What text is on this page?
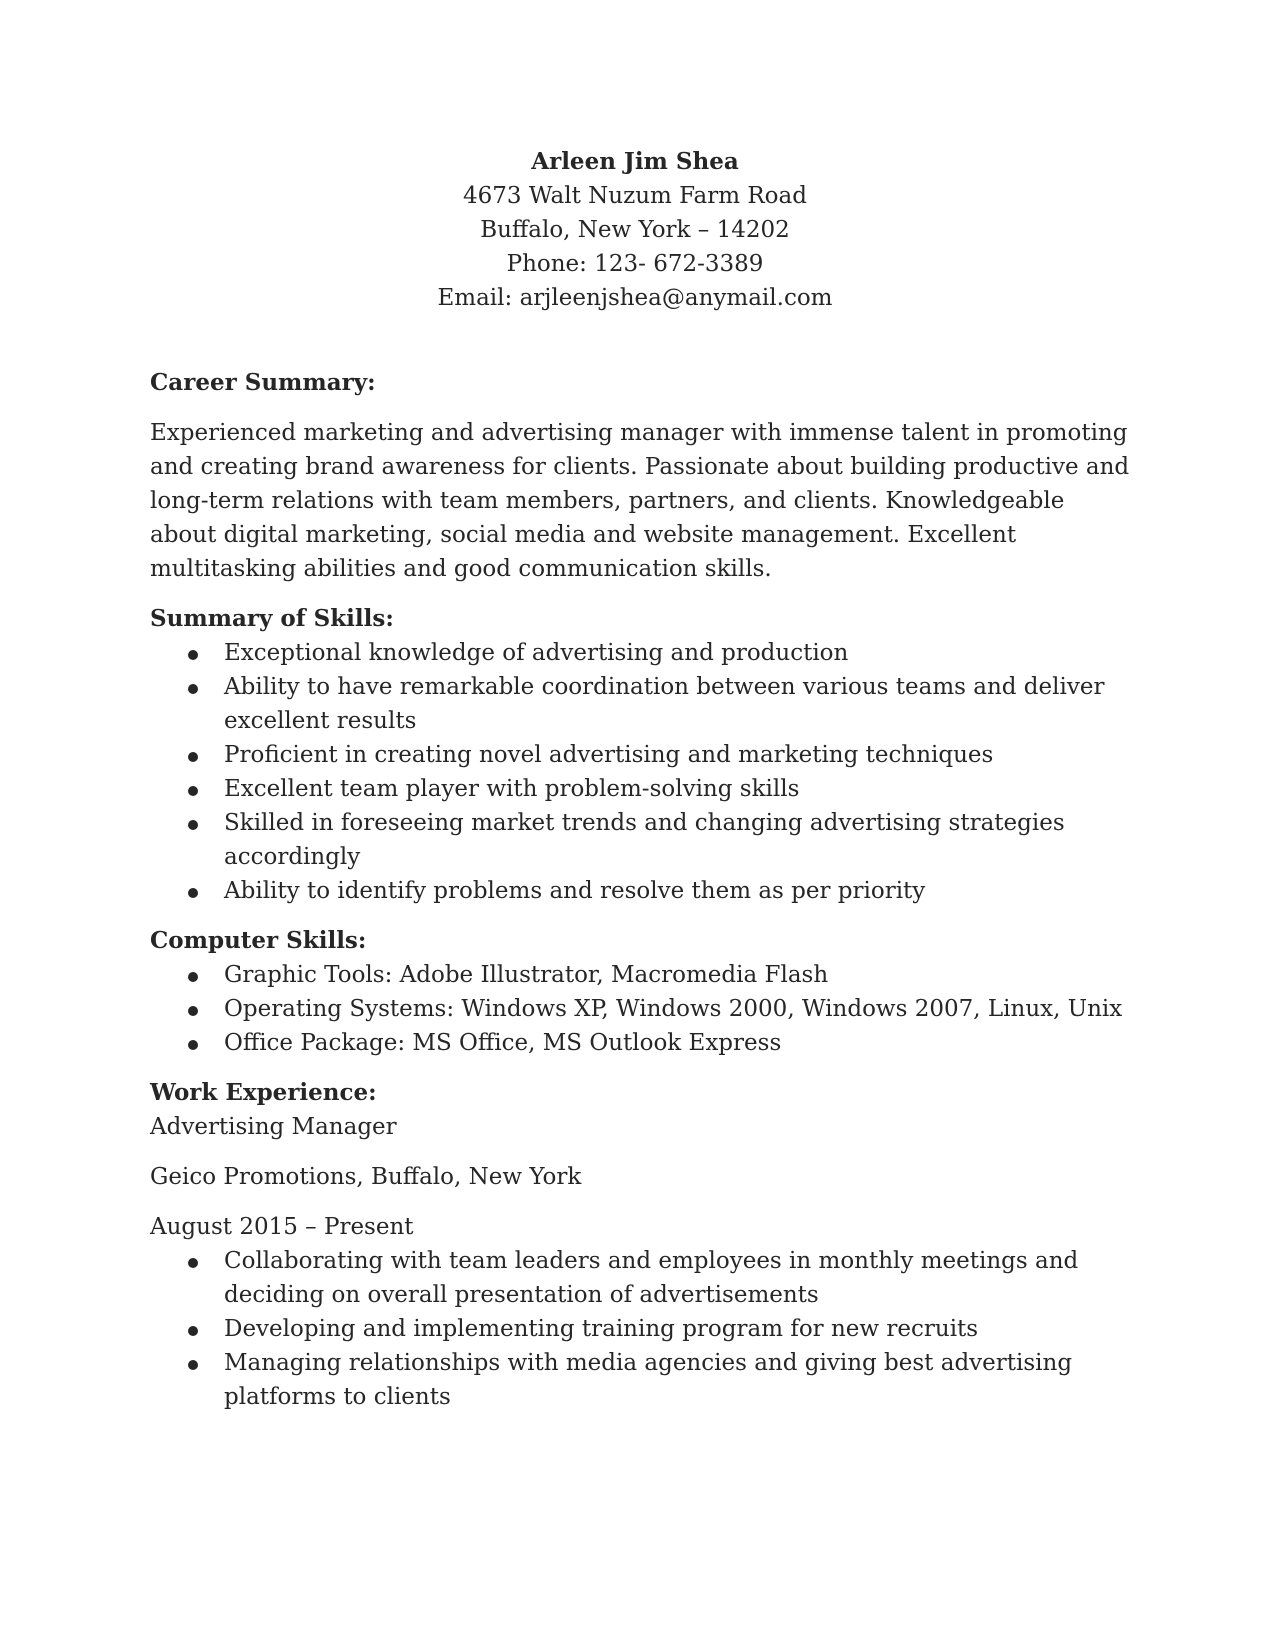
Arleen Jim Shea
4673 Walt Nuzum Farm Road
Buffalo, New York – 14202
Phone: 123- 672-3389
Email: arjleenjshea@anymail.com

Career Summary:

Experienced marketing and advertising manager with immense talent in promoting and creating brand awareness for clients. Passionate about building productive and long-term relations with team members, partners, and clients. Knowledgeable about digital marketing, social media and website management. Excellent multitasking abilities and good communication skills.

Summary of Skills:

Exceptional knowledge of advertising and production
Ability to have remarkable coordination between various teams and deliver excellent results
Proficient in creating novel advertising and marketing techniques
Excellent team player with problem-solving skills
Skilled in foreseeing market trends and changing advertising strategies accordingly
Ability to identify problems and resolve them as per priority

Computer Skills:

Graphic Tools: Adobe Illustrator, Macromedia Flash
Operating Systems: Windows XP, Windows 2000, Windows 2007, Linux, Unix
Office Package: MS Office, MS Outlook Express

Work Experience:

Advertising Manager

Geico Promotions, Buffalo, New York

August 2015 – Present

Collaborating with team leaders and employees in monthly meetings and deciding on overall presentation of advertisements
Developing and implementing training program for new recruits
Managing relationships with media agencies and giving best advertising platforms to clients
